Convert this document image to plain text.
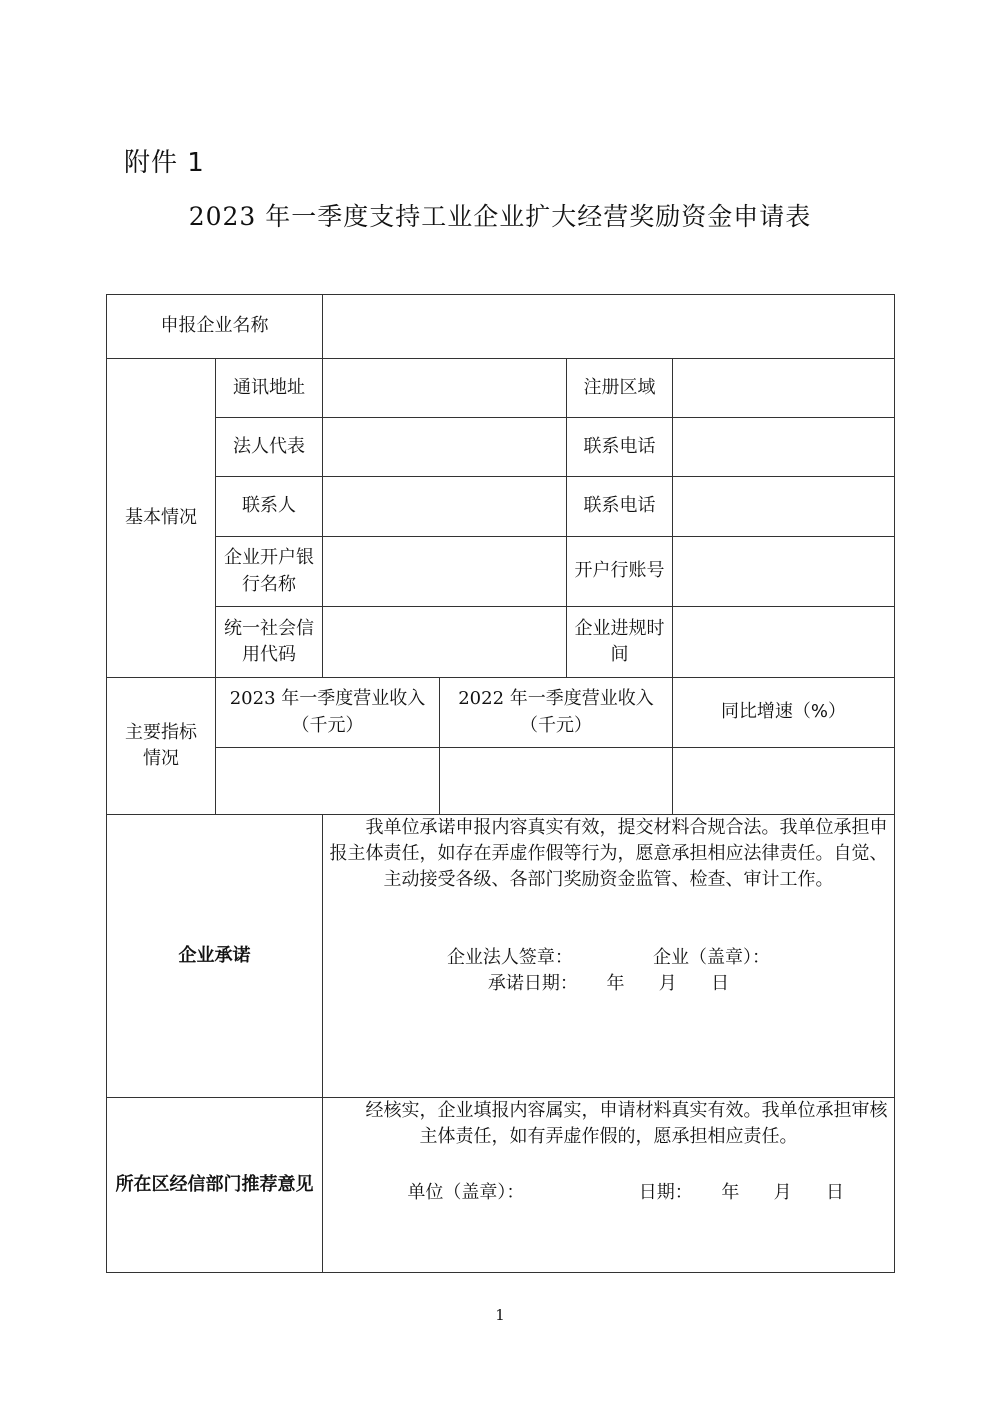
附件 1
2023 年一季度支持工业企业扩大经营奖励资金申请表
申报企业名称					
基本情况	通讯地址			注册区域	
	法人代表			联系电话	
	联系人			联系电话	
	企业开户银行名称			开户行账号	
	统一社会信用代码			企业进规时间	
主要指标情况	2023 年一季度营业收入（千元）		2022 年一季度营业收入（千元）		同比增速（%）

企业承诺		我单位承诺申报内容真实有效，提交材料合规合法。我单位承担申报主体责任，如存在弄虚作假等行为，愿意承担相应法律责任。自觉、主动接受各级、各部门奖励资金监管、检查、审计工作。

企业法人签章：              企业（盖章）：

承诺日期：     年      月      日			

所在区经信部门推荐意见		经核实，企业填报内容属实，申请材料真实有效。我单位承担审核主体责任，如有弄虚作假的，愿承担相应责任。

单位（盖章）：                    日期：     年      月      日			

1
